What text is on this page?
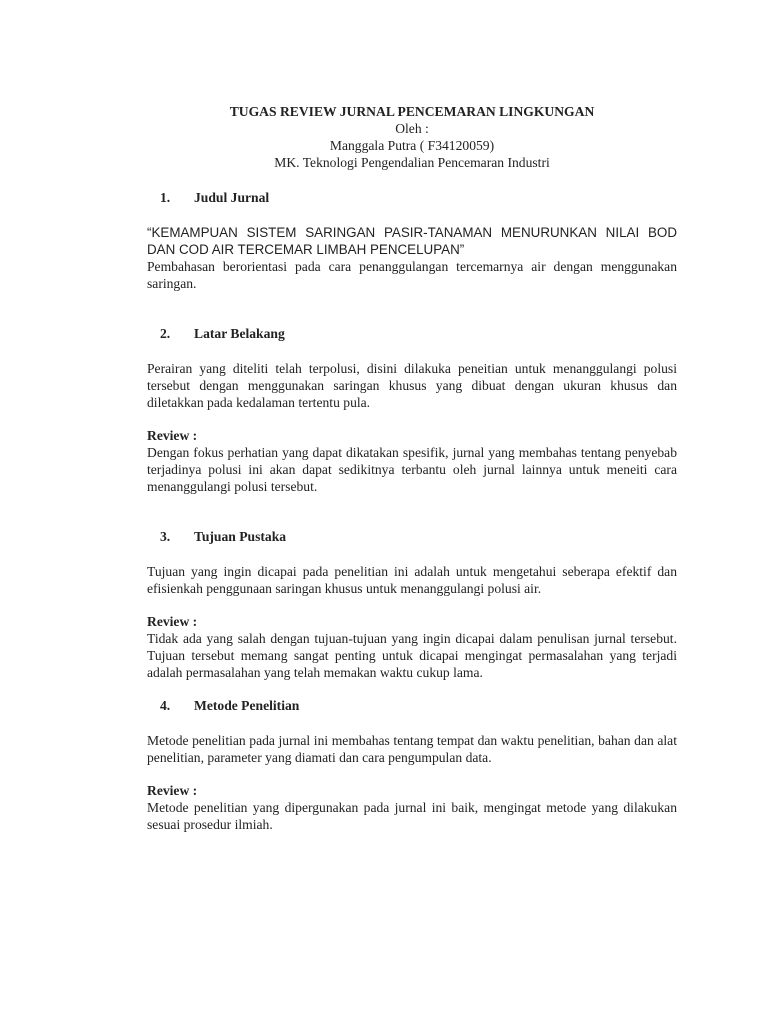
TUGAS REVIEW JURNAL PENCEMARAN LINGKUNGAN
Oleh :
Manggala Putra ( F34120059)
MK. Teknologi Pengendalian Pencemaran Industri
1.	Judul Jurnal
“KEMAMPUAN SISTEM SARINGAN PASIR-TANAMAN MENURUNKAN NILAI BOD DAN COD AIR TERCEMAR LIMBAH PENCELUPAN”
Pembahasan berorientasi pada cara penanggulangan tercemarnya air dengan menggunakan saringan.
2.	Latar Belakang
Perairan yang diteliti telah terpolusi, disini dilakuka peneitian untuk menanggulangi polusi tersebut dengan menggunakan saringan khusus yang dibuat dengan ukuran khusus dan diletakkan pada kedalaman tertentu pula.
Review :
Dengan fokus perhatian yang dapat dikatakan spesifik, jurnal yang membahas tentang penyebab terjadinya polusi ini akan dapat sedikitnya terbantu oleh jurnal lainnya untuk meneiti cara menanggulangi polusi tersebut.
3.	Tujuan Pustaka
Tujuan yang ingin dicapai pada penelitian ini adalah untuk mengetahui seberapa efektif dan efisienkah penggunaan saringan khusus untuk menanggulangi polusi air.
Review :
Tidak ada yang salah dengan tujuan-tujuan yang ingin dicapai dalam penulisan jurnal tersebut. Tujuan tersebut memang sangat penting untuk dicapai mengingat permasalahan yang terjadi adalah permasalahan yang telah memakan waktu cukup lama.
4.	Metode Penelitian
Metode penelitian pada jurnal ini membahas tentang tempat dan waktu penelitian, bahan dan alat penelitian, parameter yang diamati dan cara pengumpulan data.
Review :
Metode penelitian yang dipergunakan pada jurnal ini baik, mengingat metode yang dilakukan sesuai prosedur ilmiah.
